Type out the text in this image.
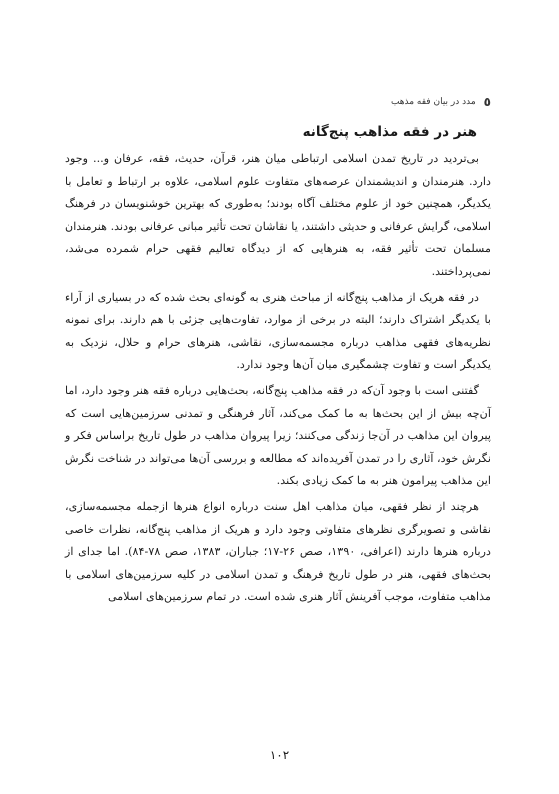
٥
مدد در بیان فقه مذهب
هنر در فقه مذاهب پنج‌گانه

بی‌تردید در تاریخ تمدن اسلامی ارتباطی میان هنر، قرآن، حدیث، فقه، عرفان و... وجود دارد. هنرمندان و اندیشمندان عرصه‌های متفاوت علوم اسلامی، علاوه بر ارتباط و تعامل با یکدیگر، همچنین خود از علوم مختلف آگاه بودند؛ به‌طوری که بهترین خوشنویسان در فرهنگ اسلامی، گرایش عرفانی و حدیثی داشتند، یا نقاشان تحت تأثیر مبانی عرفانی بودند. هنرمندان مسلمان تحت تأثیر فقه، به هنرهایی که از دیدگاه تعالیم فقهی حرام شمرده می‌شد، نمی‌پرداختند.

در فقه هریک از مذاهب پنج‌گانه از مباحث هنری به گونه‌ای بحث شده که در بسیاری از آراء با یکدیگر اشتراک دارند؛ البته در برخی از موارد، تفاوت‌هایی جزئی با هم دارند. برای نمونه نظریه‌های فقهی مذاهب درباره مجسمه‌سازی، نقاشی، هنرهای حرام و حلال، نزدیک به یکدیگر است و تفاوت چشمگیری میان آن‌ها وجود ندارد.

گفتنی است با وجود آن‌که در فقه مذاهب پنج‌گانه، بحث‌هایی درباره فقه هنر وجود دارد، اما آن‌چه بیش از این بحث‌ها به ما کمک می‌کند، آثار فرهنگی و تمدنی سرزمین‌هایی است که پیروان این مذاهب در آن‌جا زندگی می‌کنند؛ زیرا پیروان مذاهب در طول تاریخ براساس فکر و نگرش خود، آثاری را در تمدن آفریده‌اند که مطالعه و بررسی آن‌ها می‌تواند در شناخت نگرش این مذاهب پیرامون هنر به ما کمک زیادی بکند.

هرچند از نظر فقهی، میان مذاهب اهل سنت درباره انواع هنرها ازجمله مجسمه‌سازی، نقاشی و تصویرگری نظرهای متفاوتی وجود دارد و هریک از مذاهب پنج‌گانه، نظرات خاصی درباره هنرها دارند (اعرافی، ۱۳۹۰، صص ۲۶-۱۷؛ جباران، ۱۳۸۳، صص ۷۸-۸۴). اما جدای از بحث‌های فقهی، هنر در طول تاریخ فرهنگ و تمدن اسلامی در کلیه سرزمین‌های اسلامی با مذاهب متفاوت، موجب آفرینش آثار هنری شده است. در تمام سرزمین‌های اسلامی

۱۰۲
